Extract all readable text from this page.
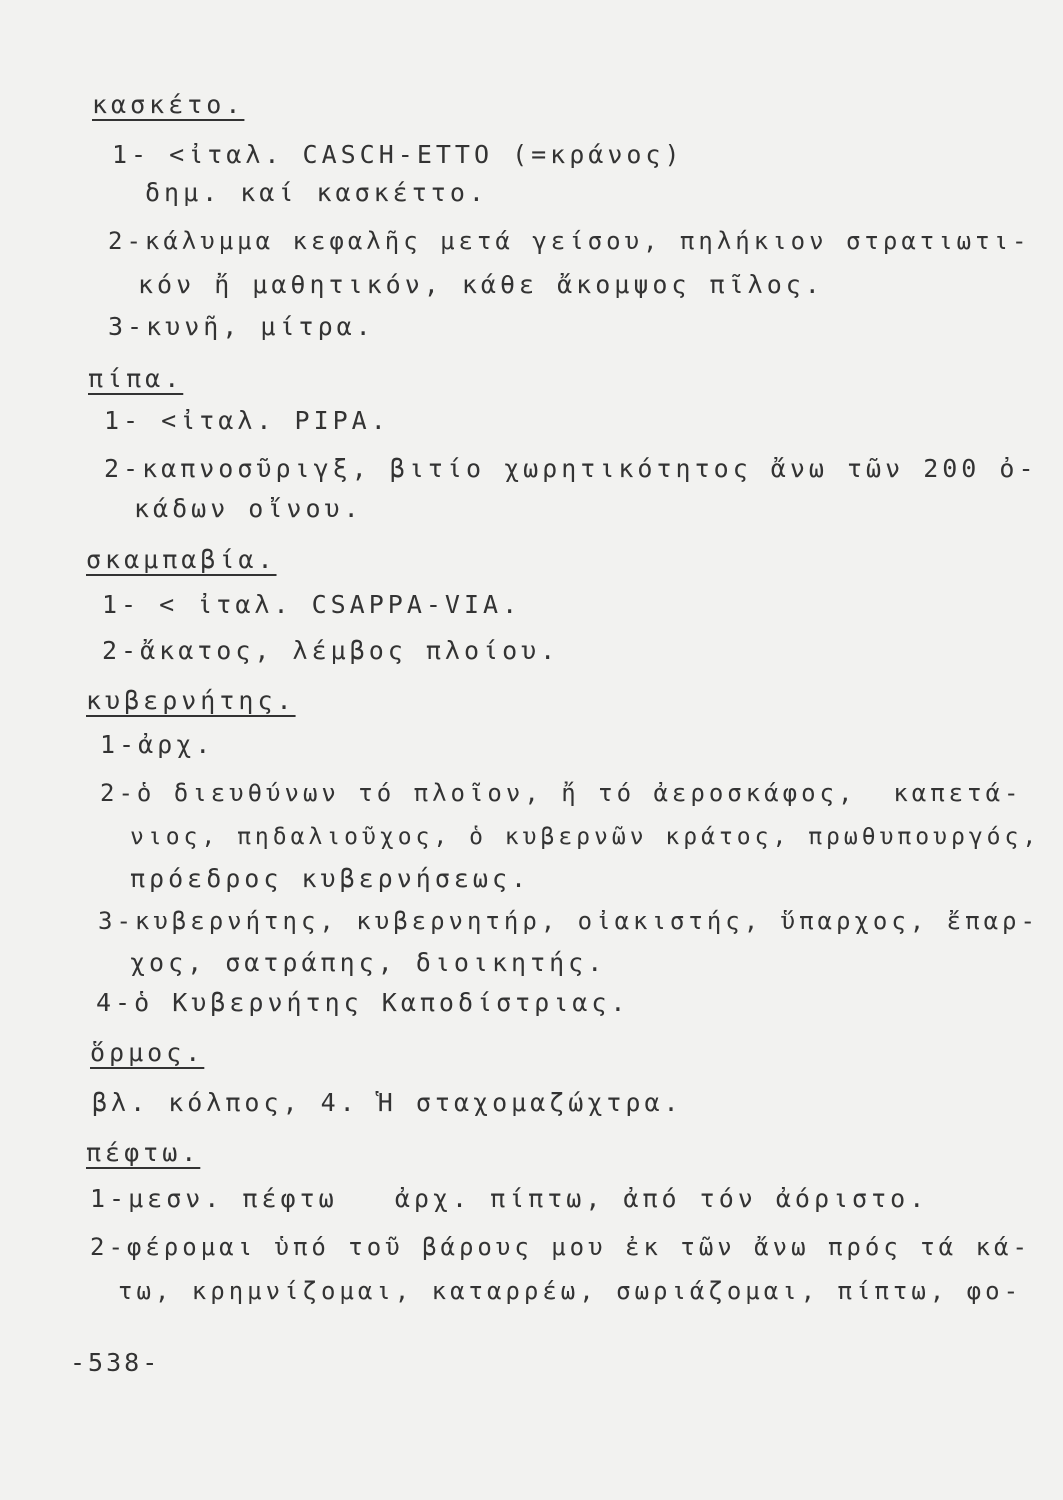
κασκέτο.
1- <ἰταλ. CASCH-ETTO (=κράνος)
δημ. καί κασκέττο.
2-κάλυμμα κεφαλῆς μετά γείσου, πηλήκιον στρατιωτι-
κόν ἤ μαθητικόν, κάθε ἄκομψος πῖλος.
3-κυνῆ, μίτρα.
πίπα.
1- <ἰταλ. PIPA.
2-καπνοσῦριγξ, βιτίο χωρητικότητος ἄνω τῶν 200 ὀ-
κάδων οἴνου.
σκαμπαβία.
1- < ἰταλ. CSAPPA-VIA.
2-ἄκατος, λέμβος πλοίου.
κυβερνήτης.
1-ἀρχ.
2-ὁ διευθύνων τό πλοῖον, ἤ τό ἀεροσκάφος,  καπετά-
νιος, πηδαλιοῦχος, ὁ κυβερνῶν κράτος, πρωθυπουργός,
πρόεδρος κυβερνήσεως.
3-κυβερνήτης, κυβερνητήρ, οἰακιστής, ὕπαρχος, ἔπαρ-
χος, σατράπης, διοικητής.
4-ὁ Κυβερνήτης Καποδίστριας.
ὅρμος.
βλ. κόλπος, 4. Ἡ σταχομαζώχτρα.
πέφτω.
1-μεσν. πέφτω   ἀρχ. πίπτω, ἀπό τόν ἀόριστο.
2-φέρομαι ὑπό τοῦ βάρους μου ἐκ τῶν ἄνω πρός τά κά-
τω, κρημνίζομαι, καταρρέω, σωριάζομαι, πίπτω, φο-
-538-
